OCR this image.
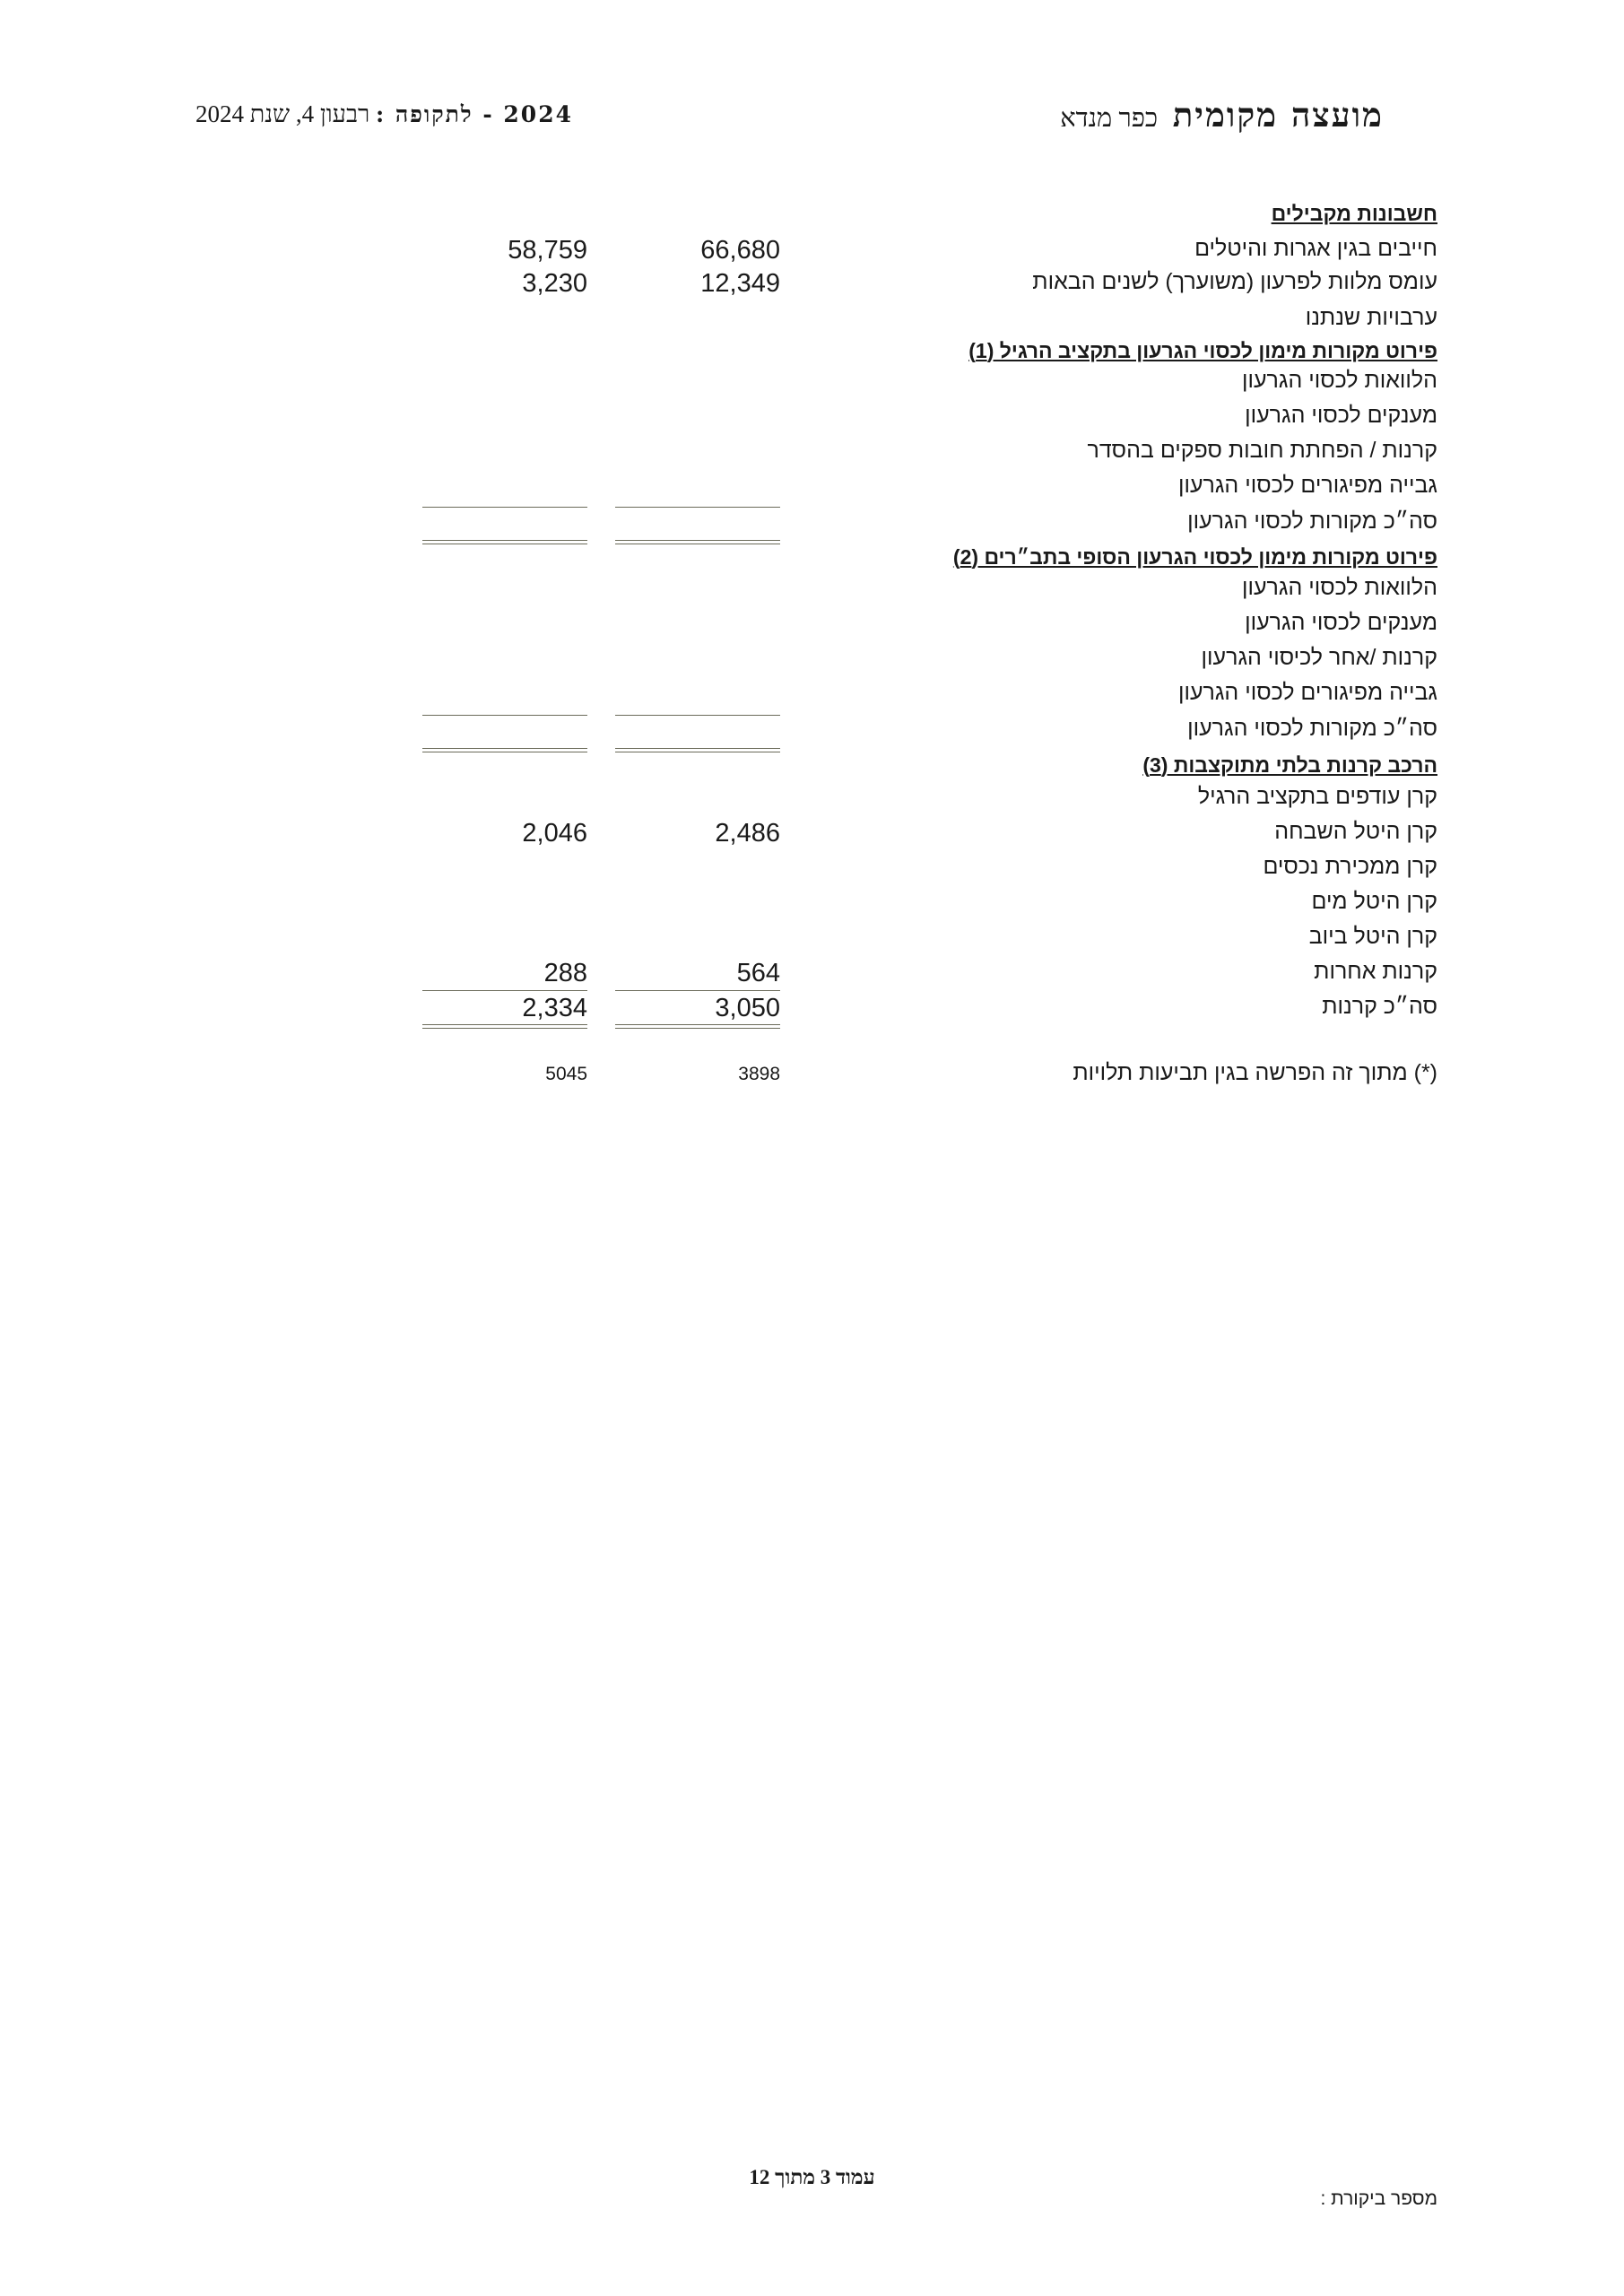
מועצה מקומית כפר מנדא
2024 - לתקופה : רבעון 4, שנת 2024
חשבונות מקבילים
חייבים בגין אגרות והיטלים
66,680
58,759
עומס מלוות לפרעון (משוערך) לשנים הבאות
12,349
3,230
ערבויות שנתנו
פירוט מקורות מימון לכסוי הגרעון בתקציב הרגיל (1)
הלוואות לכסוי הגרעון
מענקים לכסוי הגרעון
קרנות / הפחתת חובות ספקים בהסדר
גבייה מפיגורים לכסוי הגרעון
סה״כ מקורות לכסוי הגרעון
פירוט מקורות מימון לכסוי הגרעון הסופי בתב״רים (2)
הלוואות לכסוי הגרעון
מענקים לכסוי הגרעון
קרנות /אחר לכיסוי הגרעון
גבייה מפיגורים לכסוי הגרעון
סה״כ מקורות לכסוי הגרעון
הרכב קרנות בלתי מתוקצבות (3)
קרן עודפים בתקציב הרגיל
קרן היטל השבחה
2,486
2,046
קרן ממכירת נכסים
קרן היטל מים
קרן היטל ביוב
קרנות אחרות
564
288
סה״כ קרנות
3,050
2,334
(*) מתוך זה הפרשה בגין תביעות תלויות
3898
5045
עמוד 3 מתוך 12
מספר ביקורת :
